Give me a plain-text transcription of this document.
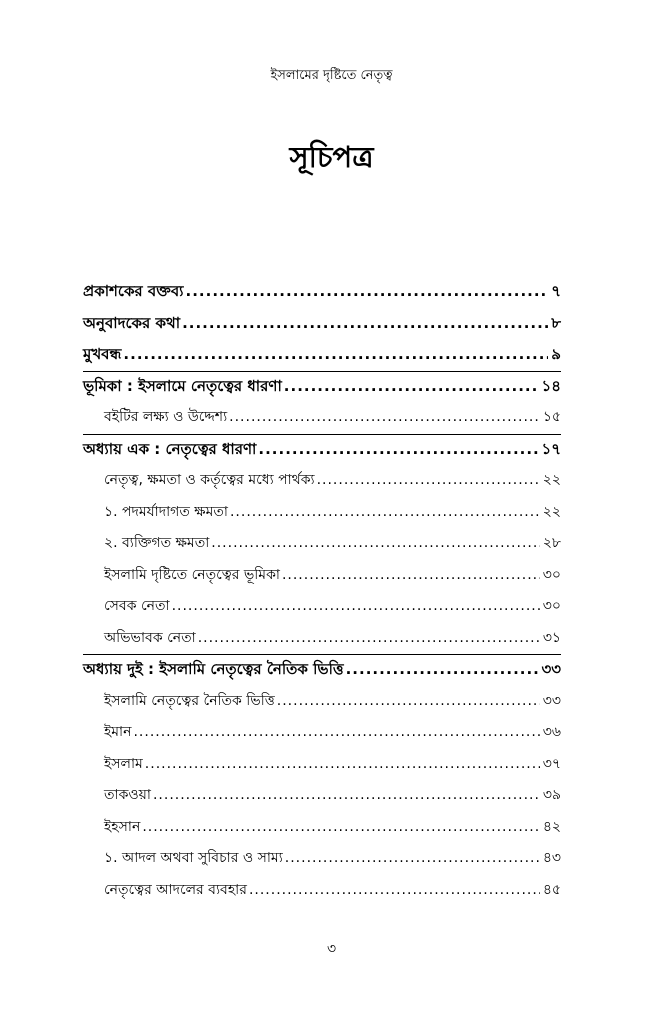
ইসলামের দৃষ্টিতে নেতৃত্ব
সূচিপত্র
প্রকাশকের বক্তব্য .....	৭
অনুবাদকের কথা .....	৮
মুখবন্ধ .....	৯
ভূমিকা : ইসলামে নেতৃত্বের ধারণা .....	১৪
বইটির লক্ষ্য ও উদ্দেশ্য .....	১৫
অধ্যায় এক : নেতৃত্বের ধারণা .....	১৭
নেতৃত্ব, ক্ষমতা ও কর্তৃত্বের মধ্যে পার্থক্য .....	২২
১. পদমর্যাদাগত ক্ষমতা .....	২২
২. ব্যক্তিগত ক্ষমতা .....	২৮
ইসলামি দৃষ্টিতে নেতৃত্বের ভূমিকা .....	৩০
সেবক নেতা .....	৩০
অভিভাবক নেতা .....	৩১
অধ্যায় দুই : ইসলামি নেতৃত্বের নৈতিক ভিত্তি .....	৩৩
ইসলামি নেতৃত্বের নৈতিক ভিত্তি .....	৩৩
ইমান .....	৩৬
ইসলাম .....	৩৭
তাকওয়া .....	৩৯
ইহসান .....	৪২
১. আদল অথবা সুবিচার ও সাম্য .....	৪৩
নেতৃত্বের আদলের ব্যবহার .....	৪৫
৩
